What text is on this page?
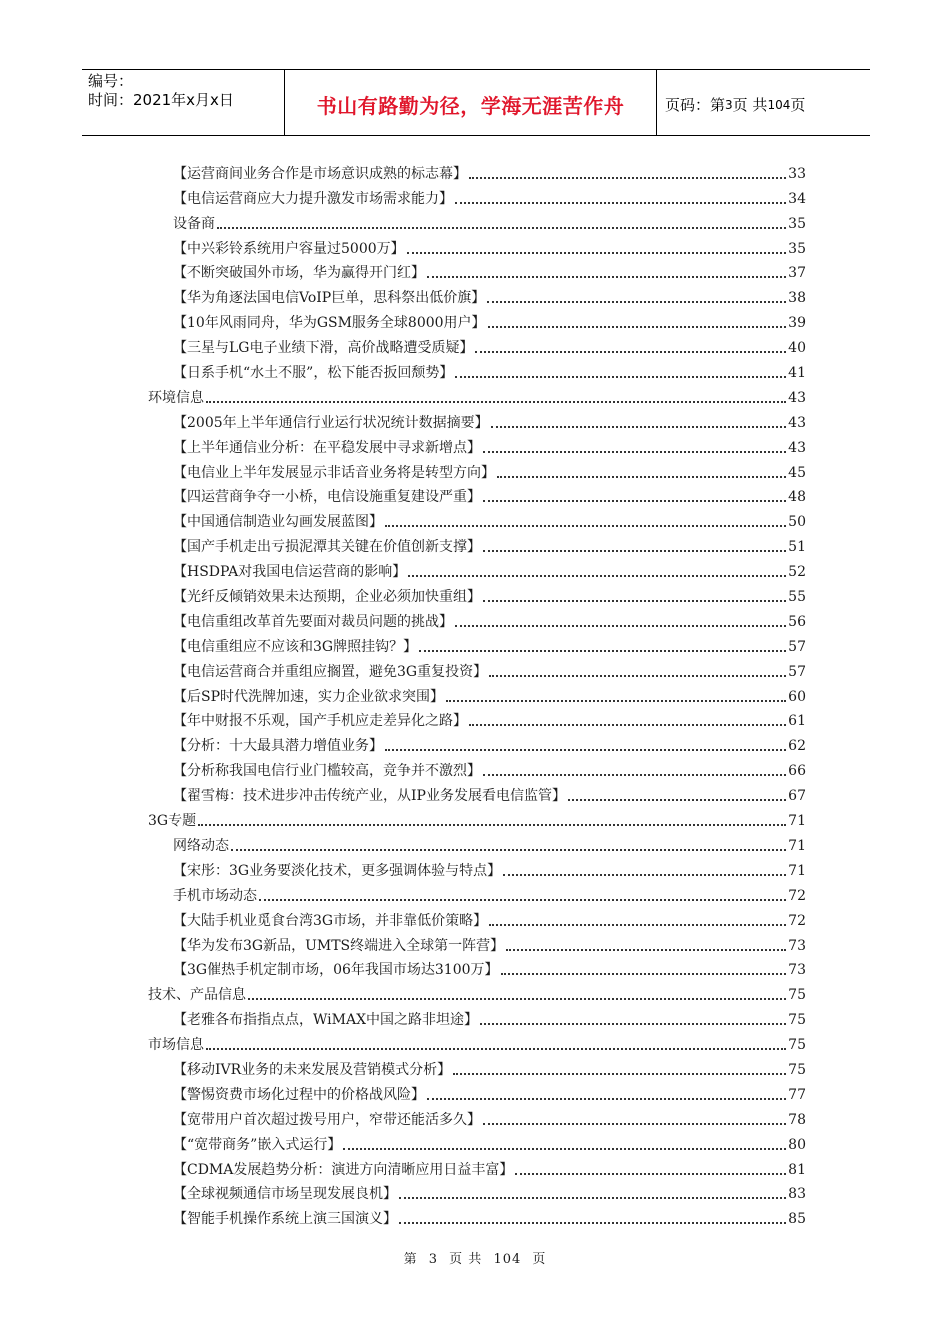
编号：
时间：2021年x月x日	书山有路勤为径，学海无涯苦作舟	页码：第 3 页 共 104 页
【运营商间业务合作是市场意识成熟的标志幕】	33
【电信运营商应大力提升激发市场需求能力】	34
设备商	35
【中兴彩铃系统用户容量过5000万】	35
【不断突破国外市场，华为赢得开门红】	37
【华为角逐法国电信VoIP巨单，思科祭出低价旗】	38
【10年风雨同舟，华为GSM服务全球8000用户】	39
【三星与LG电子业绩下滑，高价战略遭受质疑】	40
【日系手机“水土不服”，松下能否扳回颓势】	41
环境信息	43
【2005年上半年通信行业运行状况统计数据摘要】	43
【上半年通信业分析：在平稳发展中寻求新增点】	43
【电信业上半年发展显示非话音业务将是转型方向】	45
【四运营商争夺一小桥，电信设施重复建设严重】	48
【中国通信制造业勾画发展蓝图】	50
【国产手机走出亏损泥潭其关键在价值创新支撑】	51
【HSDPA对我国电信运营商的影响】	52
【光纤反倾销效果未达预期，企业必须加快重组】	55
【电信重组改革首先要面对裁员问题的挑战】	56
【电信重组应不应该和3G牌照挂钩？】	57
【电信运营商合并重组应搁置，避免3G重复投资】	57
【后SP时代洗牌加速，实力企业欲求突围】	60
【年中财报不乐观，国产手机应走差异化之路】	61
【分析：十大最具潜力增值业务】	62
【分析称我国电信行业门槛较高，竞争并不激烈】	66
【翟雪梅：技术进步冲击传统产业，从IP业务发展看电信监管】	67
3G专题	71
网络动态	71
【宋彤：3G业务要淡化技术，更多强调体验与特点】	71
手机市场动态	72
【大陆手机业觅食台湾3G市场，并非靠低价策略】	72
【华为发布3G新品，UMTS终端进入全球第一阵营】	73
【3G催热手机定制市场，06年我国市场达3100万】	73
技术、产品信息	75
【老雅各布指指点点，WiMAX中国之路非坦途】	75
市场信息	75
【移动IVR业务的未来发展及营销模式分析】	75
【警惕资费市场化过程中的价格战风险】	77
【宽带用户首次超过拨号用户，窄带还能活多久】	78
【“宽带商务”嵌入式运行】	80
【CDMA发展趋势分析：演进方向清晰应用日益丰富】	81
【全球视频通信市场呈现发展良机】	83
【智能手机操作系统上演三国演义】	85
第 3 页 共 104 页
